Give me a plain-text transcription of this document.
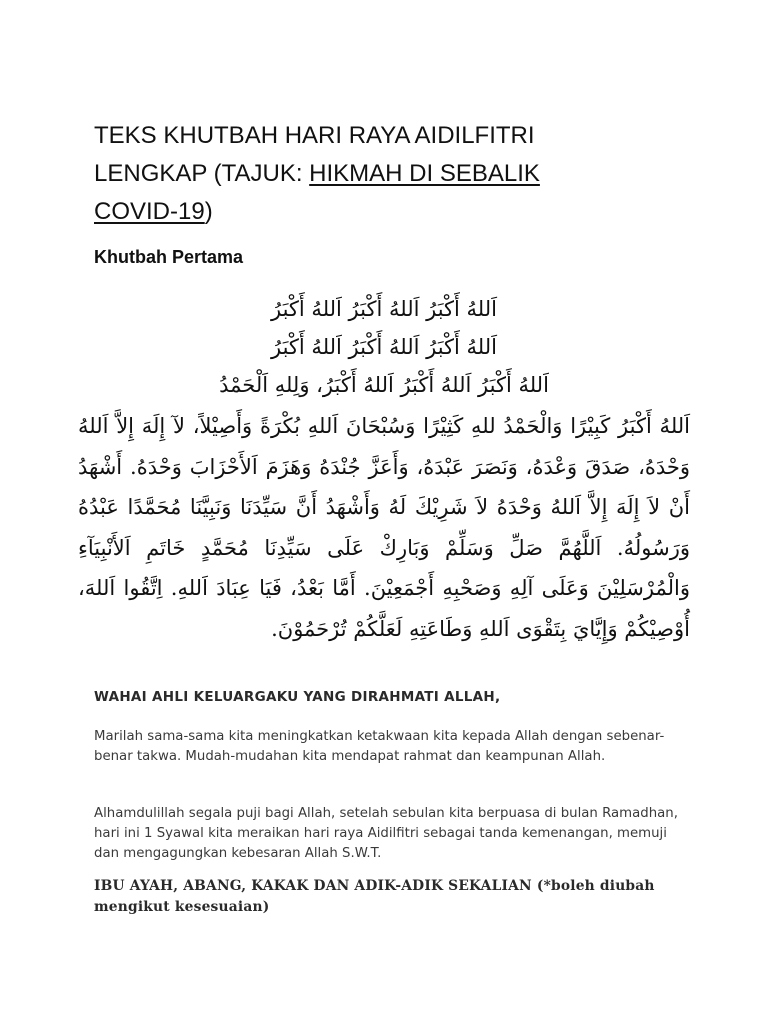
TEKS KHUTBAH HARI RAYA AIDILFITRI
LENGKAP (TAJUK: HIKMAH DI SEBALIK
COVID-19)
Khutbah Pertama

اَللهُ أَكْبَرُ اَللهُ أَكْبَرُ اَللهُ أَكْبَرُ

اَللهُ أَكْبَرُ اَللهُ أَكْبَرُ اَللهُ أَكْبَرُ

اَللهُ أَكْبَرُ اَللهُ أَكْبَرُ اَللهُ أَكْبَرُ، وَلِلهِ اَلْحَمْدُ

اَللهُ أَكْبَرُ كَبِيْرًا وَالْحَمْدُ للهِ كَثِيْرًا وَسُبْحَانَ اَللهِ بُكْرَةً وَأَصِيْلاً، لآ إِلَهَ إِلاَّ اَللهُ وَحْدَهُ، صَدَقَ وَعْدَهُ، وَنَصَرَ عَبْدَهُ، وَأَعَزَّ جُنْدَهُ وَهَزَمَ اَلأَحْزَابَ وَحْدَهُ. أَشْهَدُ أَنْ لاَ إِلَهَ إِلاَّ اَللهُ وَحْدَهُ لاَ شَرِيْكَ لَهُ وَأَشْهَدُ أَنَّ سَيِّدَنَا وَنَبِيَّنَا مُحَمَّدًا عَبْدُهُ وَرَسُولُهُ. اَللَّهُمَّ صَلِّ وَسَلِّمْ وَبَارِكْ عَلَى سَيِّدِنَا مُحَمَّدٍ خَاتَمِ اَلأَنْبِيَآءِ وَالْمُرْسَلِيْنَ وَعَلَى آلِهِ وَصَحْبِهِ أَجْمَعِيْنَ. أَمَّا بَعْدُ، فَيَا عِبَادَ اَللهِ. اِتَّقُوا اَللهَ، أُوْصِيْكُمْ وَإِيَّايَ بِتَقْوَى اَللهِ وَطَاعَتِهِ لَعَلَّكُمْ تُرْحَمُوْنَ.

WAHAI AHLI KELUARGAKU YANG DIRAHMATI ALLAH,

Marilah sama-sama kita meningkatkan ketakwaan kita kepada Allah dengan sebenar-benar takwa. Mudah-mudahan kita mendapat rahmat dan keampunan Allah.

Alhamdulillah segala puji bagi Allah, setelah sebulan kita berpuasa di bulan Ramadhan, hari ini 1 Syawal kita meraikan hari raya Aidilfitri sebagai tanda kemenangan, memuji dan mengagungkan kebesaran Allah S.W.T.

IBU AYAH, ABANG, KAKAK DAN ADIK-ADIK SEKALIAN (*boleh diubah mengikut kesesuaian)
